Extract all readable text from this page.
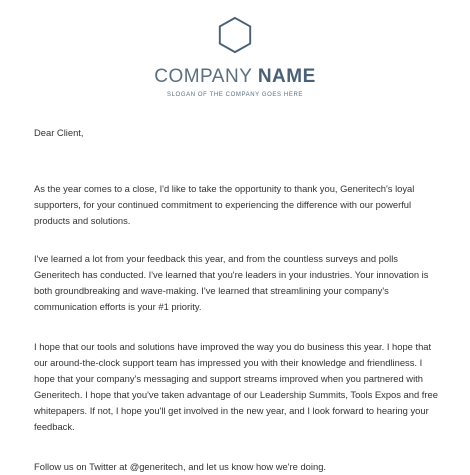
COMPANY NAME
SLOGAN OF THE COMPANY GOES HERE

Dear Client,

As the year comes to a close, I'd like to take the opportunity to thank you, Generitech's loyal supporters, for your continued commitment to experiencing the difference with our powerful products and solutions.

I've learned a lot from your feedback this year, and from the countless surveys and polls Generitech has conducted. I've learned that you're leaders in your industries. Your innovation is both groundbreaking and wave-making. I've learned that streamlining your company's communication efforts is your #1 priority.

I hope that our tools and solutions have improved the way you do business this year. I hope that our around-the-clock support team has impressed you with their knowledge and friendliness. I hope that your company's messaging and support streams improved when you partnered with Generitech. I hope that you've taken advantage of our Leadership Summits, Tools Expos and free whitepapers. If not, I hope you'll get involved in the new year, and I look forward to hearing your feedback.

Follow us on Twitter at @generitech, and let us know how we're doing.
